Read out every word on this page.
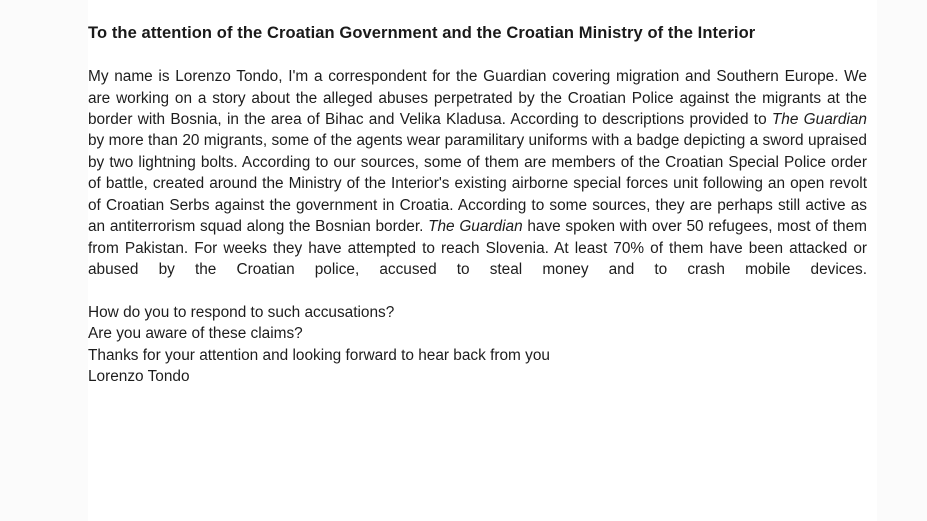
To the attention of the Croatian Government and the Croatian Ministry of the Interior

My name is Lorenzo Tondo, I'm a correspondent for the Guardian covering migration and Southern Europe. We are working on a story about the alleged abuses perpetrated by the Croatian Police against the migrants at the border with Bosnia, in the area of Bihac and Velika Kladusa. According to descriptions provided to The Guardian by more than 20 migrants, some of the agents wear paramilitary uniforms with a badge depicting a sword upraised by two lightning bolts. According to our sources, some of them are members of the Croatian Special Police order of battle, created around the Ministry of the Interior's existing airborne special forces unit following an open revolt of Croatian Serbs against the government in Croatia. According to some sources, they are perhaps still active as an antiterrorism squad along the Bosnian border. The Guardian have spoken with over 50 refugees, most of them from Pakistan. For weeks they have attempted to reach Slovenia. At least 70% of them have been attacked or abused by the Croatian police, accused to steal money and to crash mobile devices.

How do you to respond to such accusations?

Are you aware of these claims?

Thanks for your attention and looking forward to hear back from you

Lorenzo Tondo
